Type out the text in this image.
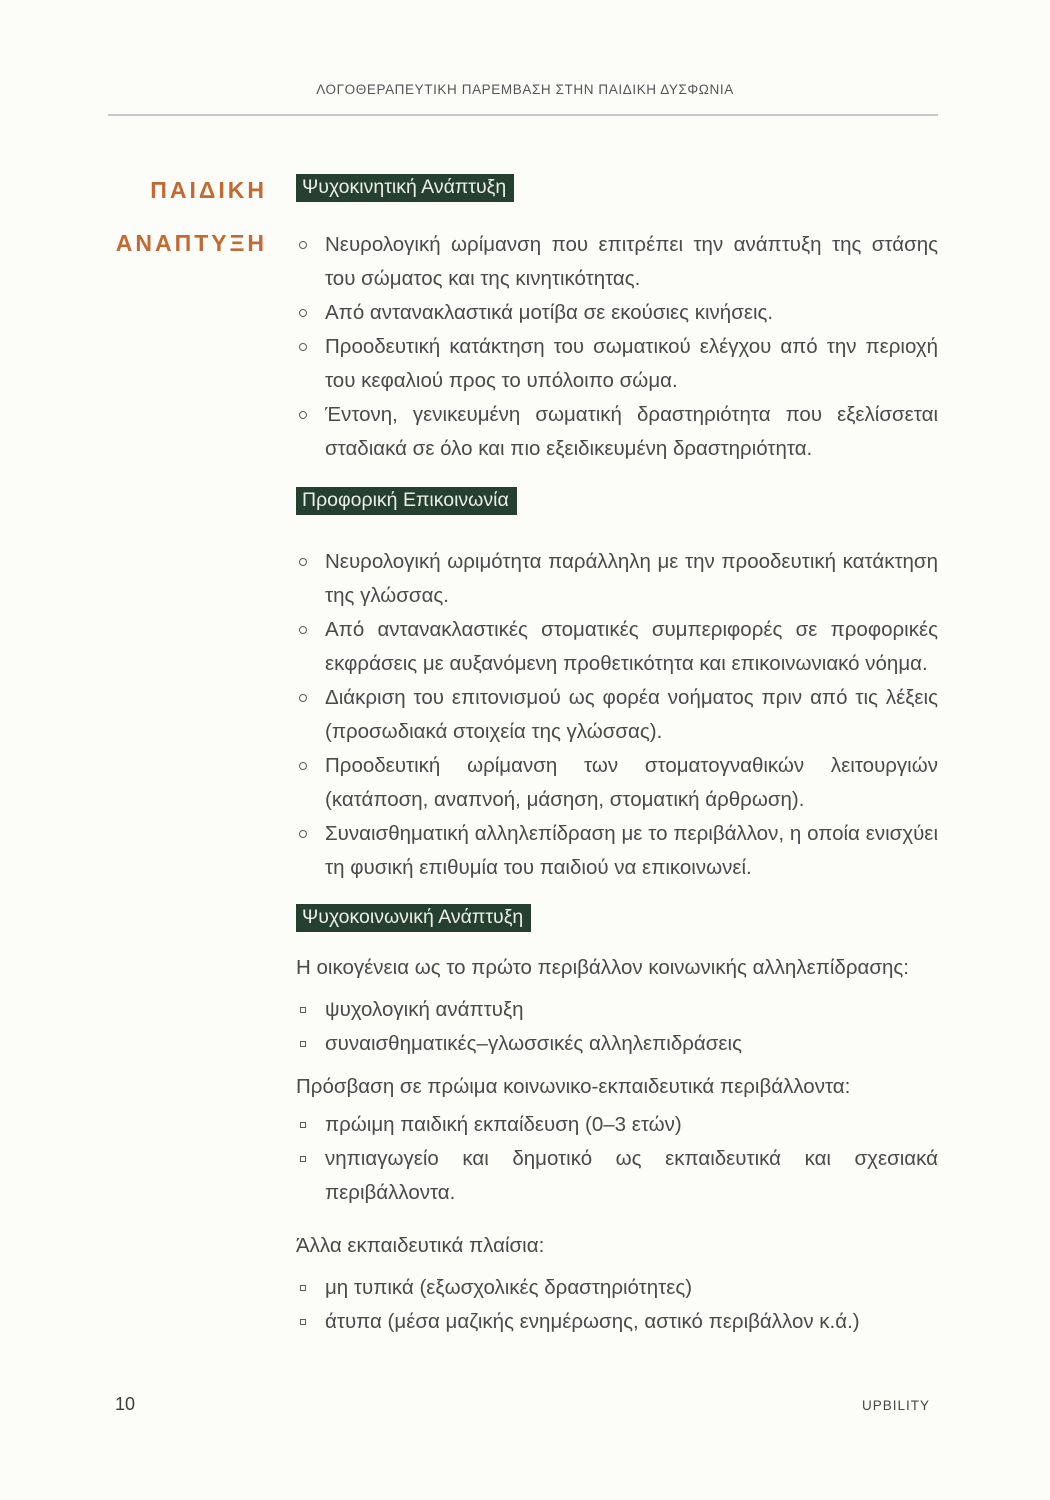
ΛΟΓΟΘΕΡΑΠΕΥΤΙΚΗ ΠΑΡΕΜΒΑΣΗ ΣΤΗΝ ΠΑΙΔΙΚΗ ΔΥΣΦΩΝΙΑ
ΠΑΙΔΙΚΗ
ΑΝΑΠΤΥΞΗ
Ψυχοκινητική Ανάπτυξη
Νευρολογική ωρίμανση που επιτρέπει την ανάπτυξη της στάσης του σώματος και της κινητικότητας.
Από αντανακλαστικά μοτίβα σε εκούσιες κινήσεις.
Προοδευτική κατάκτηση του σωματικού ελέγχου από την περιοχή του κεφαλιού προς το υπόλοιπο σώμα.
Έντονη, γενικευμένη σωματική δραστηριότητα που εξελίσσεται σταδιακά σε όλο και πιο εξειδικευμένη δραστηριότητα.
Προφορική Επικοινωνία
Νευρολογική ωριμότητα παράλληλη με την προοδευτική κατάκτηση της γλώσσας.
Από αντανακλαστικές στοματικές συμπεριφορές σε προφορικές εκφράσεις με αυξανόμενη προθετικότητα και επικοινωνιακό νόημα.
Διάκριση του επιτονισμού ως φορέα νοήματος πριν από τις λέξεις (προσωδιακά στοιχεία της γλώσσας).
Προοδευτική ωρίμανση των στοματογναθικών λειτουργιών (κατάποση, αναπνοή, μάσηση, στοματική άρθρωση).
Συναισθηματική αλληλεπίδραση με το περιβάλλον, η οποία ενισχύει τη φυσική επιθυμία του παιδιού να επικοινωνεί.
Ψυχοκοινωνική Ανάπτυξη

Η οικογένεια ως το πρώτο περιβάλλον κοινωνικής αλληλεπίδρασης:

ψυχολογική ανάπτυξη
συναισθηματικές–γλωσσικές αλληλεπιδράσεις

Πρόσβαση σε πρώιμα κοινωνικο-εκπαιδευτικά περιβάλλοντα:

πρώιμη παιδική εκπαίδευση (0–3 ετών)
νηπιαγωγείο και δημοτικό ως εκπαιδευτικά και σχεσιακά περιβάλλοντα.

Άλλα εκπαιδευτικά πλαίσια:

μη τυπικά (εξωσχολικές δραστηριότητες)
άτυπα (μέσα μαζικής ενημέρωσης, αστικό περιβάλλον κ.ά.)
10	UPBILITY
